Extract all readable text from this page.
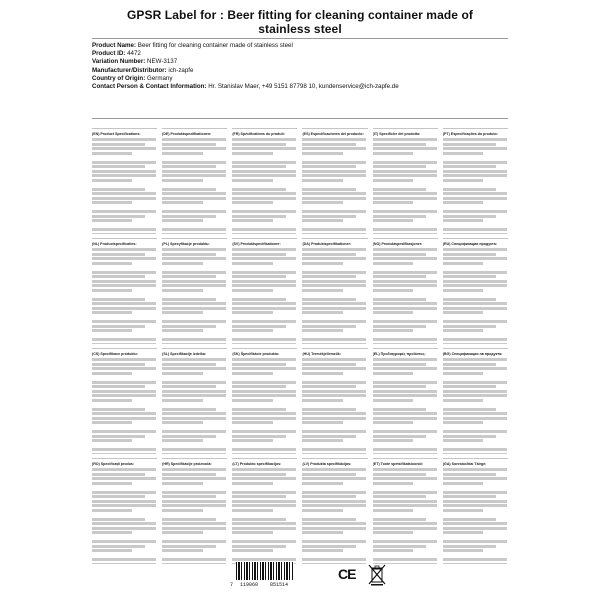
GPSR Label for : Beer fitting for cleaning container made of
stainless steel
Product Name: Beer fitting for cleaning container made of stainless steel
Product ID: 4472
Variation Number: NEW-3137
Manufacturer/Distributor: ich-zapfe
Country of Origin: Germany
Contact Person & Contact Information: Hr. Stanislav Maer, +49 5151 87798 10, kundenservice@ich-zapfe.de
(EN) Product Specifications:	(DE) Produktspezifikationen:	(FR) Spécifications du produit:	(ES) Especificaciones del producto:	(IT) Specifiche del prodotto:	(PT) Especificações do produto:
(NL) Productspecificaties:	(PL) Specyfikacje produktu:	(SV) Produktspecifikationer:	(DA) Produktspecifikationer:	(NO) Produktspesifikasjoner:	(RU) Спецификации продукта:
(CS) Specifikace produktu:	(SL) Specifikacije izdelka:	(SK) Špecifikácie produktu:	(HU) Termékjellemzők:	(EL) Προδιαγραφές προϊόντος:	(BG) Спецификации на продукта:
(RO) Specificații produs:	(HR) Specifikacije proizvoda:	(LT) Produkto specifikacijos:	(LV) Produkta specifikācijas:	(ET) Toote spetsifikatsioonid:	(GA) Sonraíochtaí Táirge:
7 119060 851514
CE
